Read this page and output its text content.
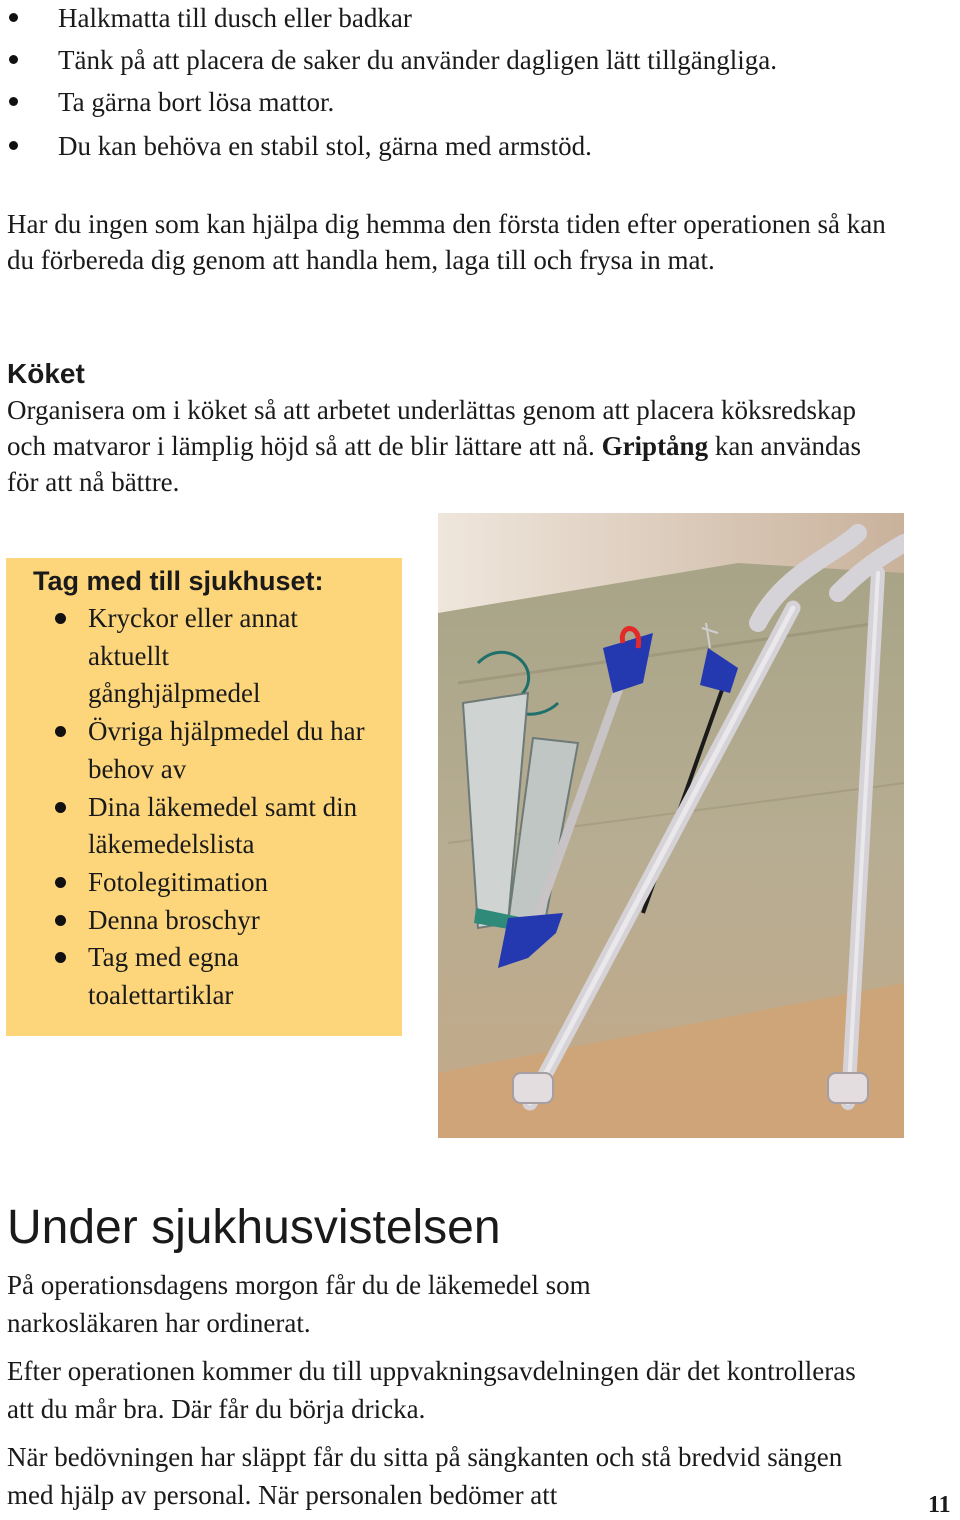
Halkmatta till dusch eller badkar
Tänk på att placera de saker du använder dagligen lätt tillgängliga.
Ta gärna bort lösa mattor.
Du kan behöva en stabil stol, gärna med armstöd.

Har du ingen som kan hjälpa dig hemma den första tiden efter operationen så kan du förbereda dig genom att handla hem, laga till och frysa in mat.

Köket

Organisera om i köket så att arbetet underlättas genom att placera köksredskap och matvaror i lämplig höjd så att de blir lättare att nå. Griptång kan användas för att nå bättre.

Tag med till sjukhuset:
Kryckor eller annat aktuellt gånghjälpmedel
Övriga hjälpmedel du har behov av
Dina läkemedel samt din läkemedelslista
Fotolegitimation
Denna broschyr
Tag med egna toalettartiklar
Under sjukhusvistelsen

På operationsdagens morgon får du de läkemedel som narkosläkaren har ordinerat.

Efter operationen kommer du till uppvakningsavdelningen där det kontrolleras att du mår bra. Där får du börja dricka.

När bedövningen har släppt får du sitta på sängkanten och stå bredvid sängen med hjälp av personal. När personalen bedömer att	11
